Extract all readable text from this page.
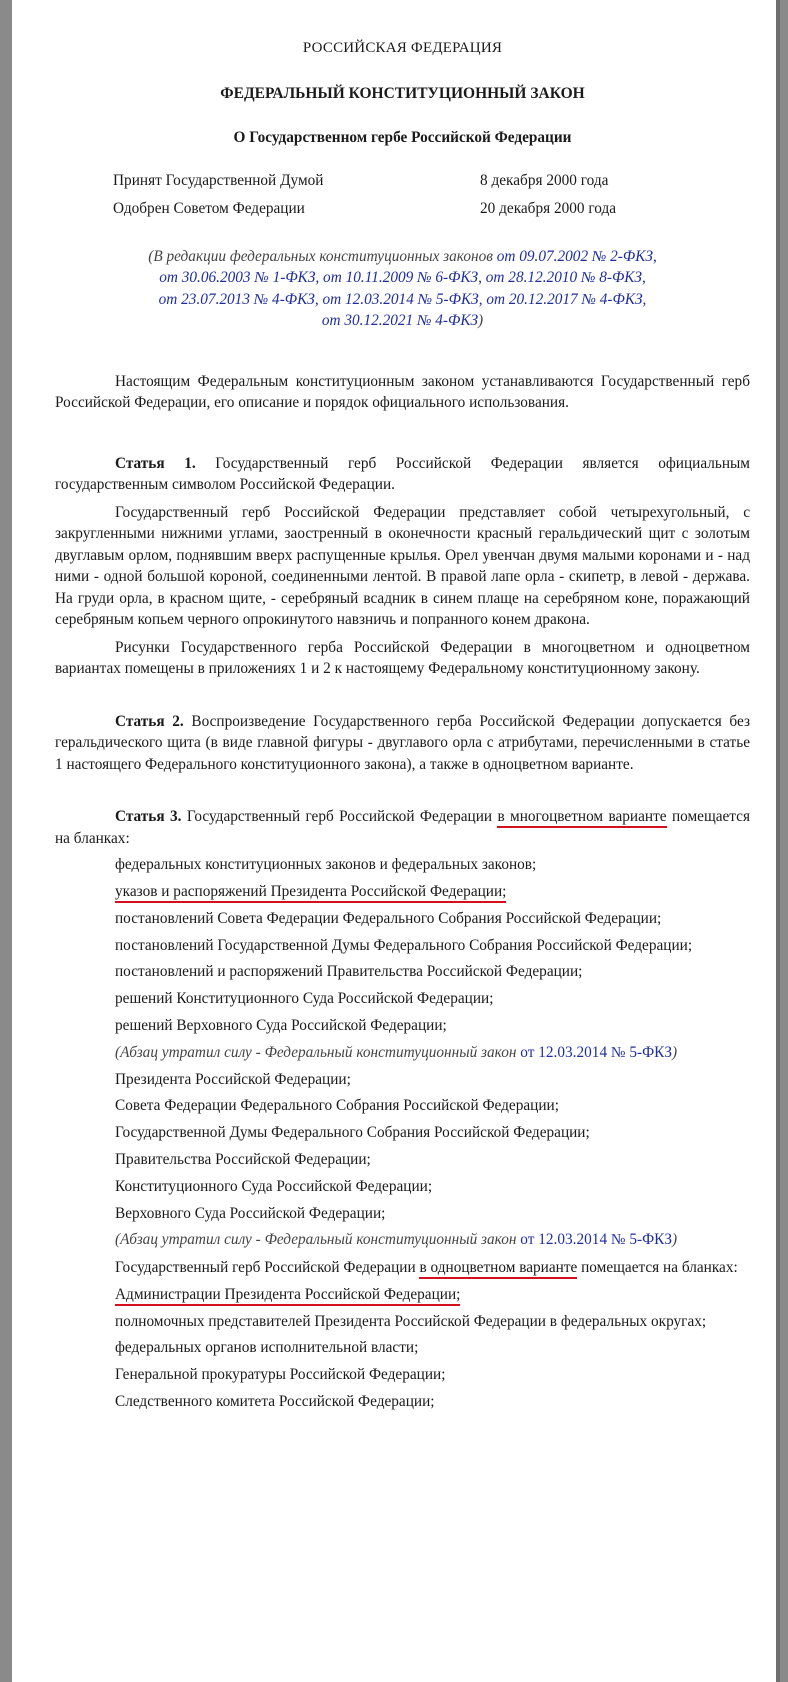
РОССИЙСКАЯ ФЕДЕРАЦИЯ
ФЕДЕРАЛЬНЫЙ КОНСТИТУЦИОННЫЙ ЗАКОН
О Государственном гербе Российской Федерации
Принят Государственной Думой	8 декабря 2000 года
Одобрен Советом Федерации	20 декабря 2000 года
(В редакции федеральных конституционных законов от 09.07.2002 № 2-ФКЗ,
от 30.06.2003 № 1-ФКЗ, от 10.11.2009 № 6-ФКЗ, от 28.12.2010 № 8-ФКЗ,
от 23.07.2013 № 4-ФКЗ, от 12.03.2014 № 5-ФКЗ, от 20.12.2017 № 4-ФКЗ,
от 30.12.2021 № 4-ФКЗ)

Настоящим Федеральным конституционным законом устанавливаются Государственный герб Российской Федерации, его описание и порядок официального использования.

Статья 1. Государственный герб Российской Федерации является официальным государственным символом Российской Федерации.

Государственный герб Российской Федерации представляет собой четырехугольный, с закругленными нижними углами, заостренный в оконечности красный геральдический щит с золотым двуглавым орлом, поднявшим вверх распущенные крылья. Орел увенчан двумя малыми коронами и - над ними - одной большой короной, соединенными лентой. В правой лапе орла - скипетр, в левой - держава. На груди орла, в красном щите, - серебряный всадник в синем плаще на серебряном коне, поражающий серебряным копьем черного опрокинутого навзничь и попранного конем дракона.

Рисунки Государственного герба Российской Федерации в многоцветном и одноцветном вариантах помещены в приложениях 1 и 2 к настоящему Федеральному конституционному закону.

Статья 2. Воспроизведение Государственного герба Российской Федерации допускается без геральдического щита (в виде главной фигуры - двуглавого орла с атрибутами, перечисленными в статье 1 настоящего Федерального конституционного закона), а также в одноцветном варианте.

Статья 3. Государственный герб Российской Федерации в многоцветном варианте помещается на бланках:

федеральных конституционных законов и федеральных законов;
указов и распоряжений Президента Российской Федерации;
постановлений Совета Федерации Федерального Собрания Российской Федерации;
постановлений Государственной Думы Федерального Собрания Российской Федерации;
постановлений и распоряжений Правительства Российской Федерации;
решений Конституционного Суда Российской Федерации;
решений Верховного Суда Российской Федерации;
(Абзац утратил силу - Федеральный конституционный закон от 12.03.2014 № 5-ФКЗ)
Президента Российской Федерации;
Совета Федерации Федерального Собрания Российской Федерации;
Государственной Думы Федерального Собрания Российской Федерации;
Правительства Российской Федерации;
Конституционного Суда Российской Федерации;
Верховного Суда Российской Федерации;
(Абзац утратил силу - Федеральный конституционный закон от 12.03.2014 № 5-ФКЗ)

Государственный герб Российской Федерации в одноцветном варианте помещается на бланках:

Администрации Президента Российской Федерации;
полномочных представителей Президента Российской Федерации в федеральных округах;
федеральных органов исполнительной власти;
Генеральной прокуратуры Российской Федерации;
Следственного комитета Российской Федерации;
